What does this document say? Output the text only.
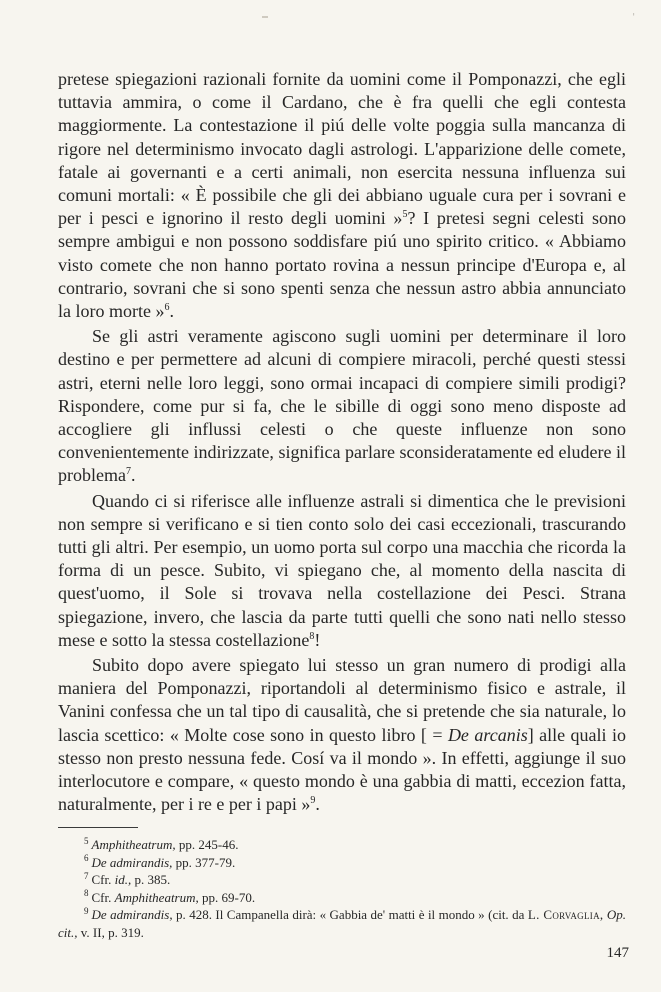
'

pretese spiegazioni razionali fornite da uomini come il Pomponazzi, che egli tuttavia ammira, o come il Cardano, che è fra quelli che egli contesta maggiormente. La contestazione il piú delle volte poggia sulla mancanza di rigore nel determinismo invocato dagli astrologi. L'apparizione delle comete, fatale ai governanti e a certi animali, non esercita nessuna influenza sui comuni mortali: « È possibile che gli dei abbiano uguale cura per i sovrani e per i pesci e ignorino il resto degli uomini »$^5$? I pretesi segni celesti sono sempre ambigui e non possono soddisfare piú uno spirito critico. « Abbiamo visto comete che non hanno portato rovina a nessun principe d'Europa e, al contrario, sovrani che si sono spenti senza che nessun astro abbia annunciato la loro morte »$^6$.

Se gli astri veramente agiscono sugli uomini per determinare il loro destino e per permettere ad alcuni di compiere miracoli, perché questi stessi astri, eterni nelle loro leggi, sono ormai incapaci di compiere simili prodigi? Rispondere, come pur si fa, che le sibille di oggi sono meno disposte ad accogliere gli influssi celesti o che queste influenze non sono convenientemente indirizzate, significa parlare sconsideratamente ed eludere il problema$^7$.

Quando ci si riferisce alle influenze astrali si dimentica che le previsioni non sempre si verificano e si tien conto solo dei casi eccezionali, trascurando tutti gli altri. Per esempio, un uomo porta sul corpo una macchia che ricorda la forma di un pesce. Subito, vi spiegano che, al momento della nascita di quest'uomo, il Sole si trovava nella costellazione dei Pesci. Strana spiegazione, invero, che lascia da parte tutti quelli che sono nati nello stesso mese e sotto la stessa costellazione$^8$!

Subito dopo avere spiegato lui stesso un gran numero di prodigi alla maniera del Pomponazzi, riportandoli al determinismo fisico e astrale, il Vanini confessa che un tal tipo di causalità, che si pretende che sia naturale, lo lascia scettico: « Molte cose sono in questo libro [ = De arcanis] alle quali io stesso non presto nessuna fede. Cosí va il mondo ». In effetti, aggiunge il suo interlocutore e compare, « questo mondo è una gabbia di matti, eccezion fatta, naturalmente, per i re e per i papi »$^9$.

$^5$ Amphitheatrum, pp. 245-46.

$^6$ De admirandis, pp. 377-79.

$^7$ Cfr. id., p. 385.

$^8$ Cfr. Amphitheatrum, pp. 69-70.

$^9$ De admirandis, p. 428. Il Campanella dirà: « Gabbia de' matti è il mondo » (cit. da L. Corvaglia, Op. cit., v. II, p. 319.

147
